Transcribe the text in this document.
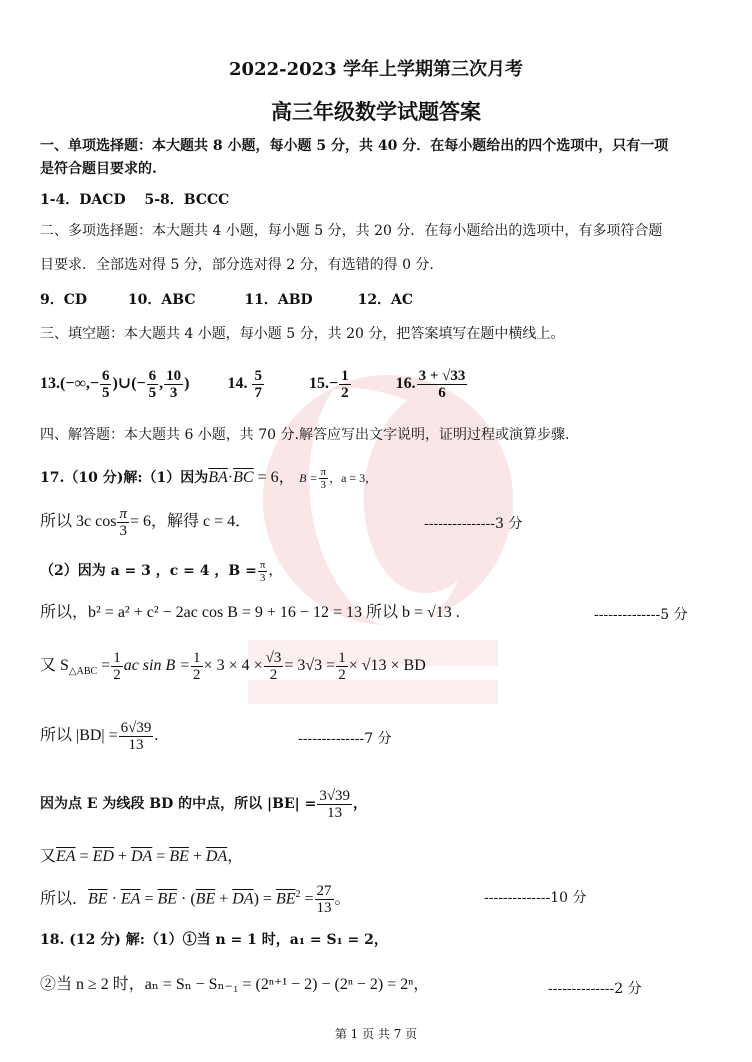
2022-2023 学年上学期第三次月考
高三年级数学试题答案
一、单项选择题：本大题共 8 小题，每小题 5 分，共 40 分．在每小题给出的四个选项中，只有一项
是符合题目要求的.
1-4．DACD　 5-8．BCCC
二、多项选择题：本大题共 4 小题，每小题 5 分，共 20 分．在每小题给出的选项中，有多项符合题
目要求．全部选对得 5 分，部分选对得 2 分，有选错的得 0 分.
9．CD	10．ABC	11．ABD	12．AC
三、填空题：本大题共 4 小题，每小题 5 分，共 20 分，把答案填写在题中横线上。
$13.(-\infty,- \frac{6}{5}$ )∪(− $\frac{6}{5}$ , $\frac{10}{3}$ ) 14. $\frac{5}{7}$	$15.- \frac{1}{2}$	16. $\frac{3 + √33}{6}$
四、解答题：本大题共 6 小题，共 70 分.解答应写出文字说明，证明过程或演算步骤.
17.（10 分)解:（1）因为$\overline{BA}\cdot\overline{BC} = 6$， $B = \frac{\pi}{3}$ ，a = 3，
所以 3c $\cos \frac{\pi}{3} = 6$，解得 c = 4．	---------------3 分
（2）因为 a = 3 ，c = 4 ，$B = \frac{\pi}{3}$ ，
所以，b² = a² + c² − 2ac cos B = 9 + 16 − 12 = 13 所以 b = √13 .	--------------5 分
又 $S_{\triangle ABC} = \frac{1}{2}$ ac $\sin B = \frac{1}{2} \times 3 \times 4 \times \frac{√3}{2} = 3√3 = \frac{1}{2} \times √13$ × BD
所以 $|BD| = \frac{6√39}{13}$ .	--------------7 分
因为点 E 为线段 BD 的中点，所以 $|BE| = \frac{3√39}{13}$ ，
又$\overline{EA} = \overline{ED} + \overline{DA} = \overline{BE} + \overline{DA}$，
所以．$\overline{BE} \cdot \overline{EA} = \overline{BE} \cdot (\overline{BE} + \overline{DA}) = \overline{BE}^2 = \frac{27}{13}$ 。	--------------10 分
18. (12 分) 解:（1）①当 n = 1 时，a₁ = S₁ = 2，
②当 n ≥ 2 时，aₙ = Sₙ − Sₙ₋₁ = (2ⁿ⁺¹ − 2) − (2ⁿ − 2) = 2ⁿ，	--------------2 分
第 1 页 共 7 页
